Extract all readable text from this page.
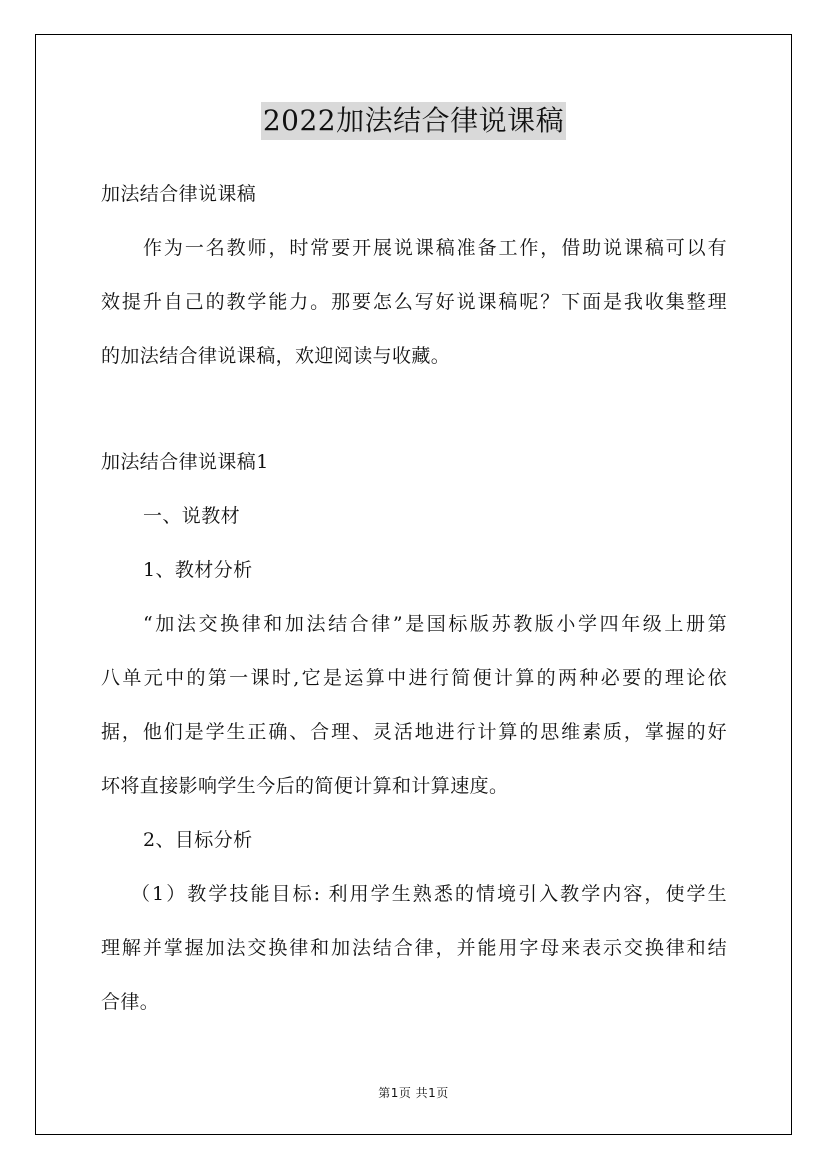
2022加法结合律说课稿
加法结合律说课稿
作为一名教师，时常要开展说课稿准备工作，借助说课稿可以有
效提升自己的教学能力。那要怎么写好说课稿呢？下面是我收集整理
的加法结合律说课稿，欢迎阅读与收藏。
加法结合律说课稿1
一、说教材
1、教材分析
“加法交换律和加法结合律”是国标版苏教版小学四年级上册第
八单元中的第一课时,它是运算中进行简便计算的两种必要的理论依
据，他们是学生正确、合理、灵活地进行计算的思维素质，掌握的好
坏将直接影响学生今后的简便计算和计算速度。
2、目标分析
（1）教学技能目标: 利用学生熟悉的情境引入教学内容，使学生
理解并掌握加法交换律和加法结合律，并能用字母来表示交换律和结
合律。
第1页 共1页
